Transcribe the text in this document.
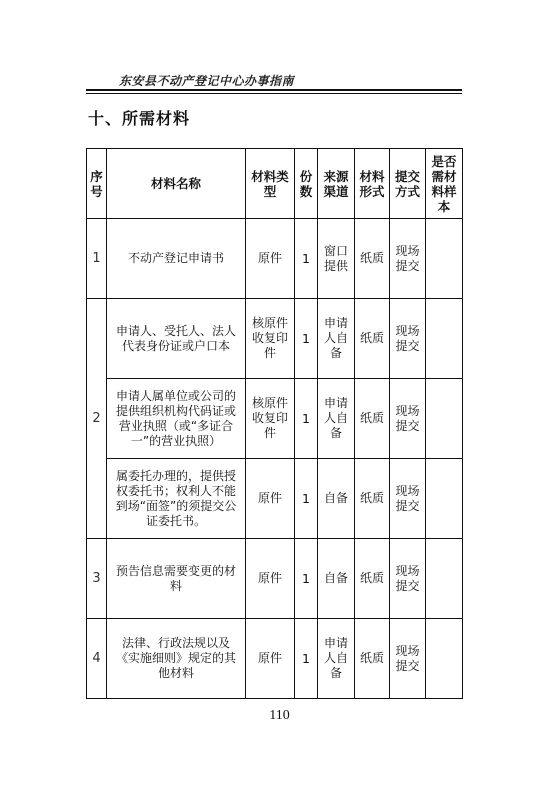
东安县不动产登记中心办事指南
十、所需材料
序号	材料名称	材料类型	份数	来源渠道	材料形式	提交方式	是否需材料样本
1	不动产登记申请书	原件	1	窗口提供	纸质	现场提交	
2	申请人、受托人、法人代表身份证或户口本	核原件收复印件	1	申请人自备	纸质	现场提交	
	申请人属单位或公司的提供组织机构代码证或营业执照（或“多证合一”的营业执照）	核原件收复印件	1	申请人自备	纸质	现场提交	
	属委托办理的，提供授权委托书；权利人不能到场“面签”的须提交公证委托书。	原件	1	自备	纸质	现场提交	
3	预告信息需要变更的材料	原件	1	自备	纸质	现场提交	
4	法律、行政法规以及《实施细则》规定的其他材料	原件	1	申请人自备	纸质	现场提交	
110
